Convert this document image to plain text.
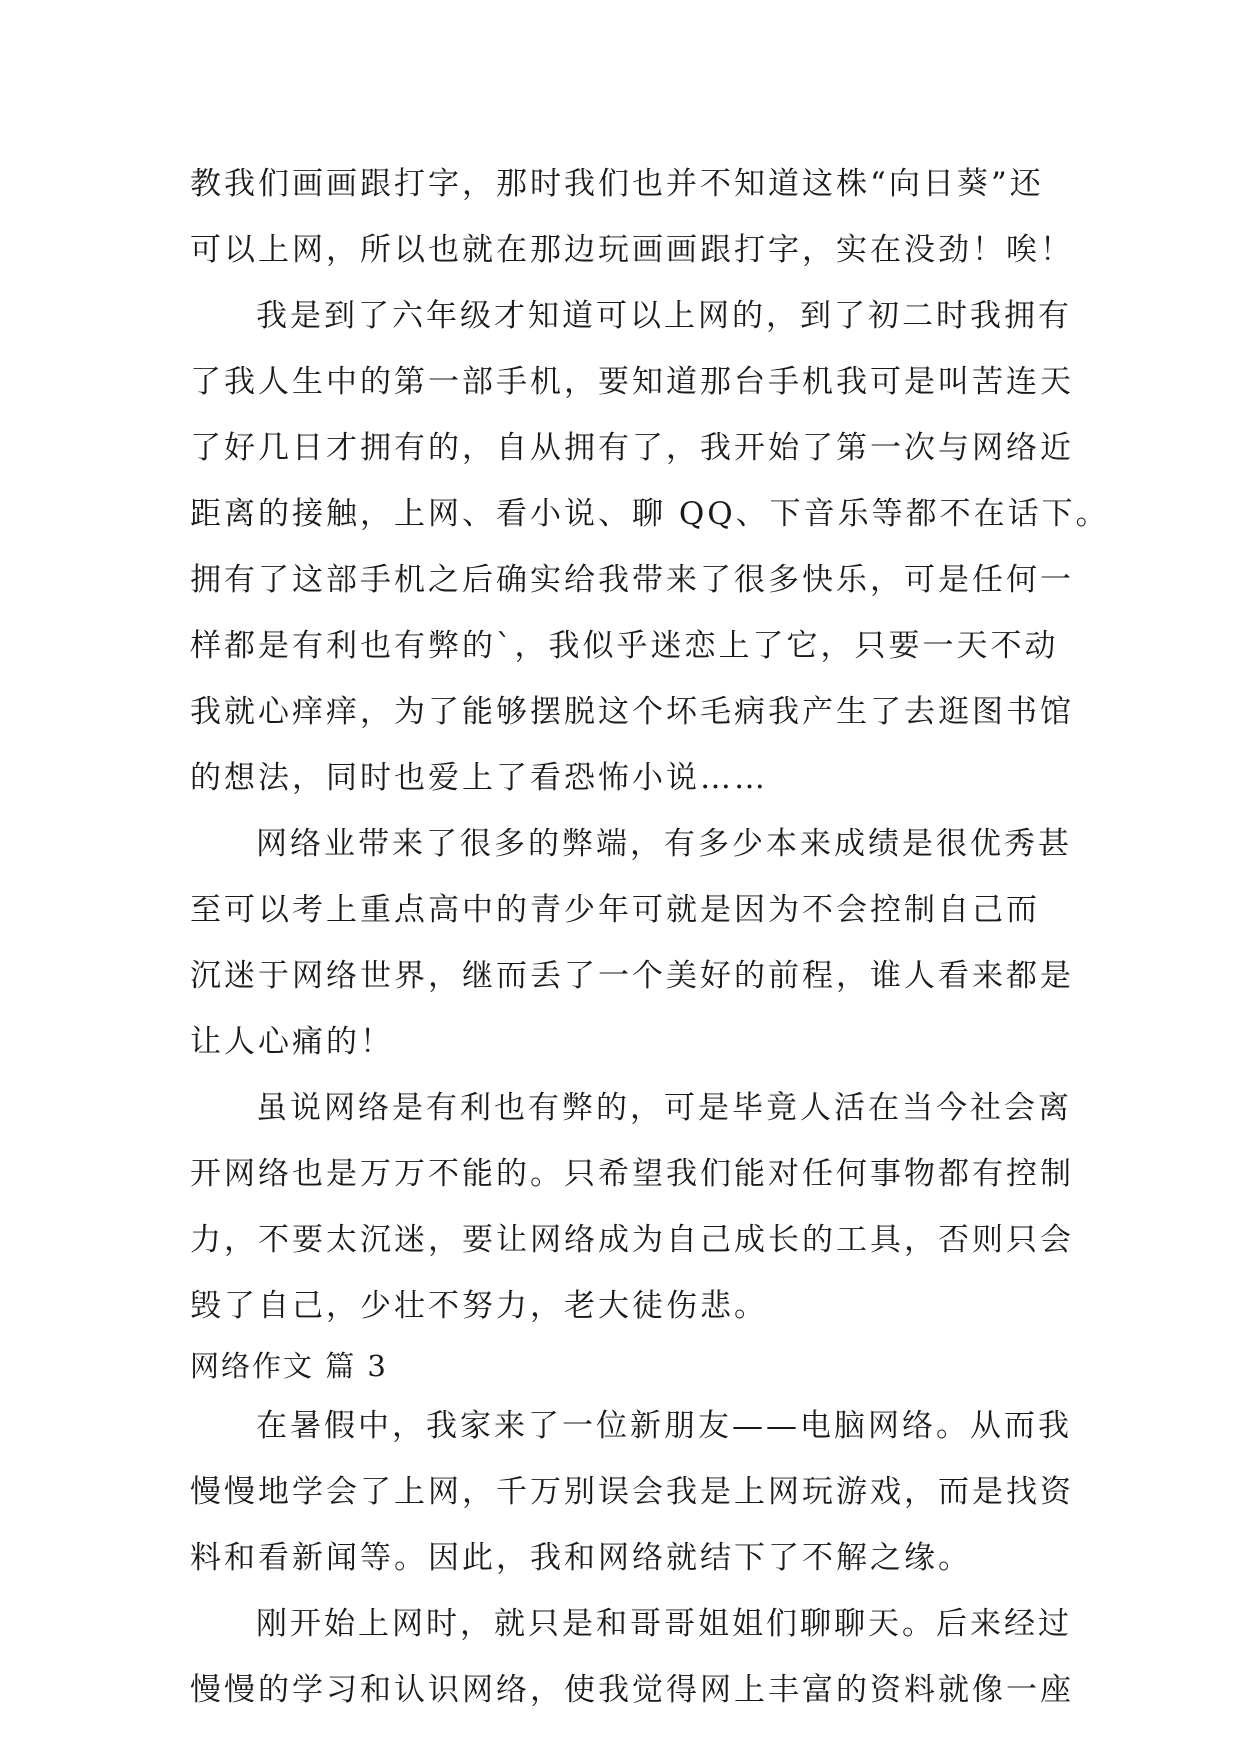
教我们画画跟打字，那时我们也并不知道这株“向日葵”还
可以上网，所以也就在那边玩画画跟打字，实在没劲！唉！
我是到了六年级才知道可以上网的，到了初二时我拥有
了我人生中的第一部手机，要知道那台手机我可是叫苦连天
了好几日才拥有的，自从拥有了，我开始了第一次与网络近
距离的接触，上网、看小说、聊 QQ、下音乐等都不在话下。
拥有了这部手机之后确实给我带来了很多快乐，可是任何一
样都是有利也有弊的`，我似乎迷恋上了它，只要一天不动
我就心痒痒，为了能够摆脱这个坏毛病我产生了去逛图书馆
的想法，同时也爱上了看恐怖小说……
网络业带来了很多的弊端，有多少本来成绩是很优秀甚
至可以考上重点高中的青少年可就是因为不会控制自己而
沉迷于网络世界，继而丢了一个美好的前程，谁人看来都是
让人心痛的！
虽说网络是有利也有弊的，可是毕竟人活在当今社会离
开网络也是万万不能的。只希望我们能对任何事物都有控制
力，不要太沉迷，要让网络成为自己成长的工具，否则只会
毁了自己，少壮不努力，老大徒伤悲。
网络作文 篇 3
在暑假中，我家来了一位新朋友——电脑网络。从而我
慢慢地学会了上网，千万别误会我是上网玩游戏，而是找资
料和看新闻等。因此，我和网络就结下了不解之缘。
刚开始上网时，就只是和哥哥姐姐们聊聊天。后来经过
慢慢的学习和认识网络，使我觉得网上丰富的资料就像一座
